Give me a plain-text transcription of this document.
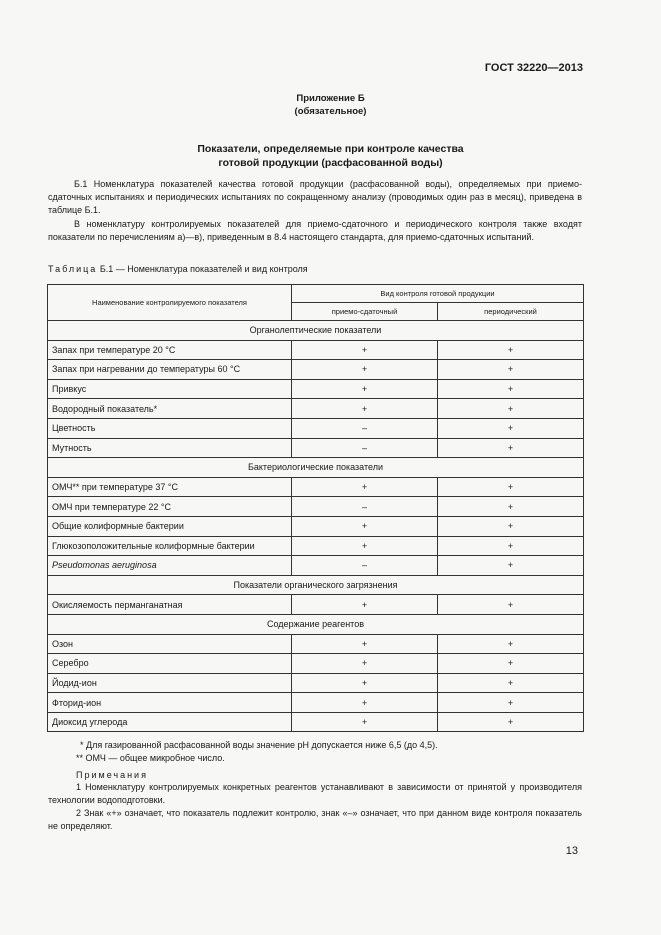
ГОСТ 32220—2013
Приложение Б
(обязательное)
Показатели, определяемые при контроле качества
готовой продукции (расфасованной воды)

Б.1 Номенклатура показателей качества готовой продукции (расфасованной воды), определяемых при приемо-сдаточных испытаниях и периодических испытаниях по сокращенному анализу (проводимых один раз в месяц), приведена в таблице Б.1.

В номенклатуру контролируемых показателей для приемо-сдаточного и периодического контроля также входят показатели по перечислениям а)—в), приведенным в 8.4 настоящего стандарта, для приемо-сдаточных испытаний.

Таблица Б.1 — Номенклатура показателей и вид контроля
Наименование контролируемого показателя	Вид контроля готовой продукции	
	приемо-сдаточный	периодический
Органолептические показатели		
Запах при температуре 20 °С	+	+
Запах при нагревании до температуры 60 °С	+	+
Привкус	+	+
Водородный показатель*	+	+
Цветность	–	+
Мутность	–	+
Бактериологические показатели		
ОМЧ** при температуре 37 °С	+	+
ОМЧ при температуре 22 °С	–	+
Общие колиформные бактерии	+	+
Глюкозоположительные колиформные бактерии	+	+
Pseudomonas aeruginosa	–	+
Показатели органического загрязнения		
Окисляемость перманганатная	+	+
Содержание реагентов		
Озон	+	+
Серебро	+	+
Йодид-ион	+	+
Фторид-ион	+	+
Диоксид углерода	+	+

* Для газированной расфасованной воды значение рН допускается ниже 6,5 (до 4,5).

** ОМЧ — общее микробное число.

Примечания

1 Номенклатуру контролируемых конкретных реагентов устанавливают в зависимости от принятой у производителя технологии водоподготовки.

2 Знак «+» означает, что показатель подлежит контролю, знак «–» означает, что при данном виде контроля показатель не определяют.

13
